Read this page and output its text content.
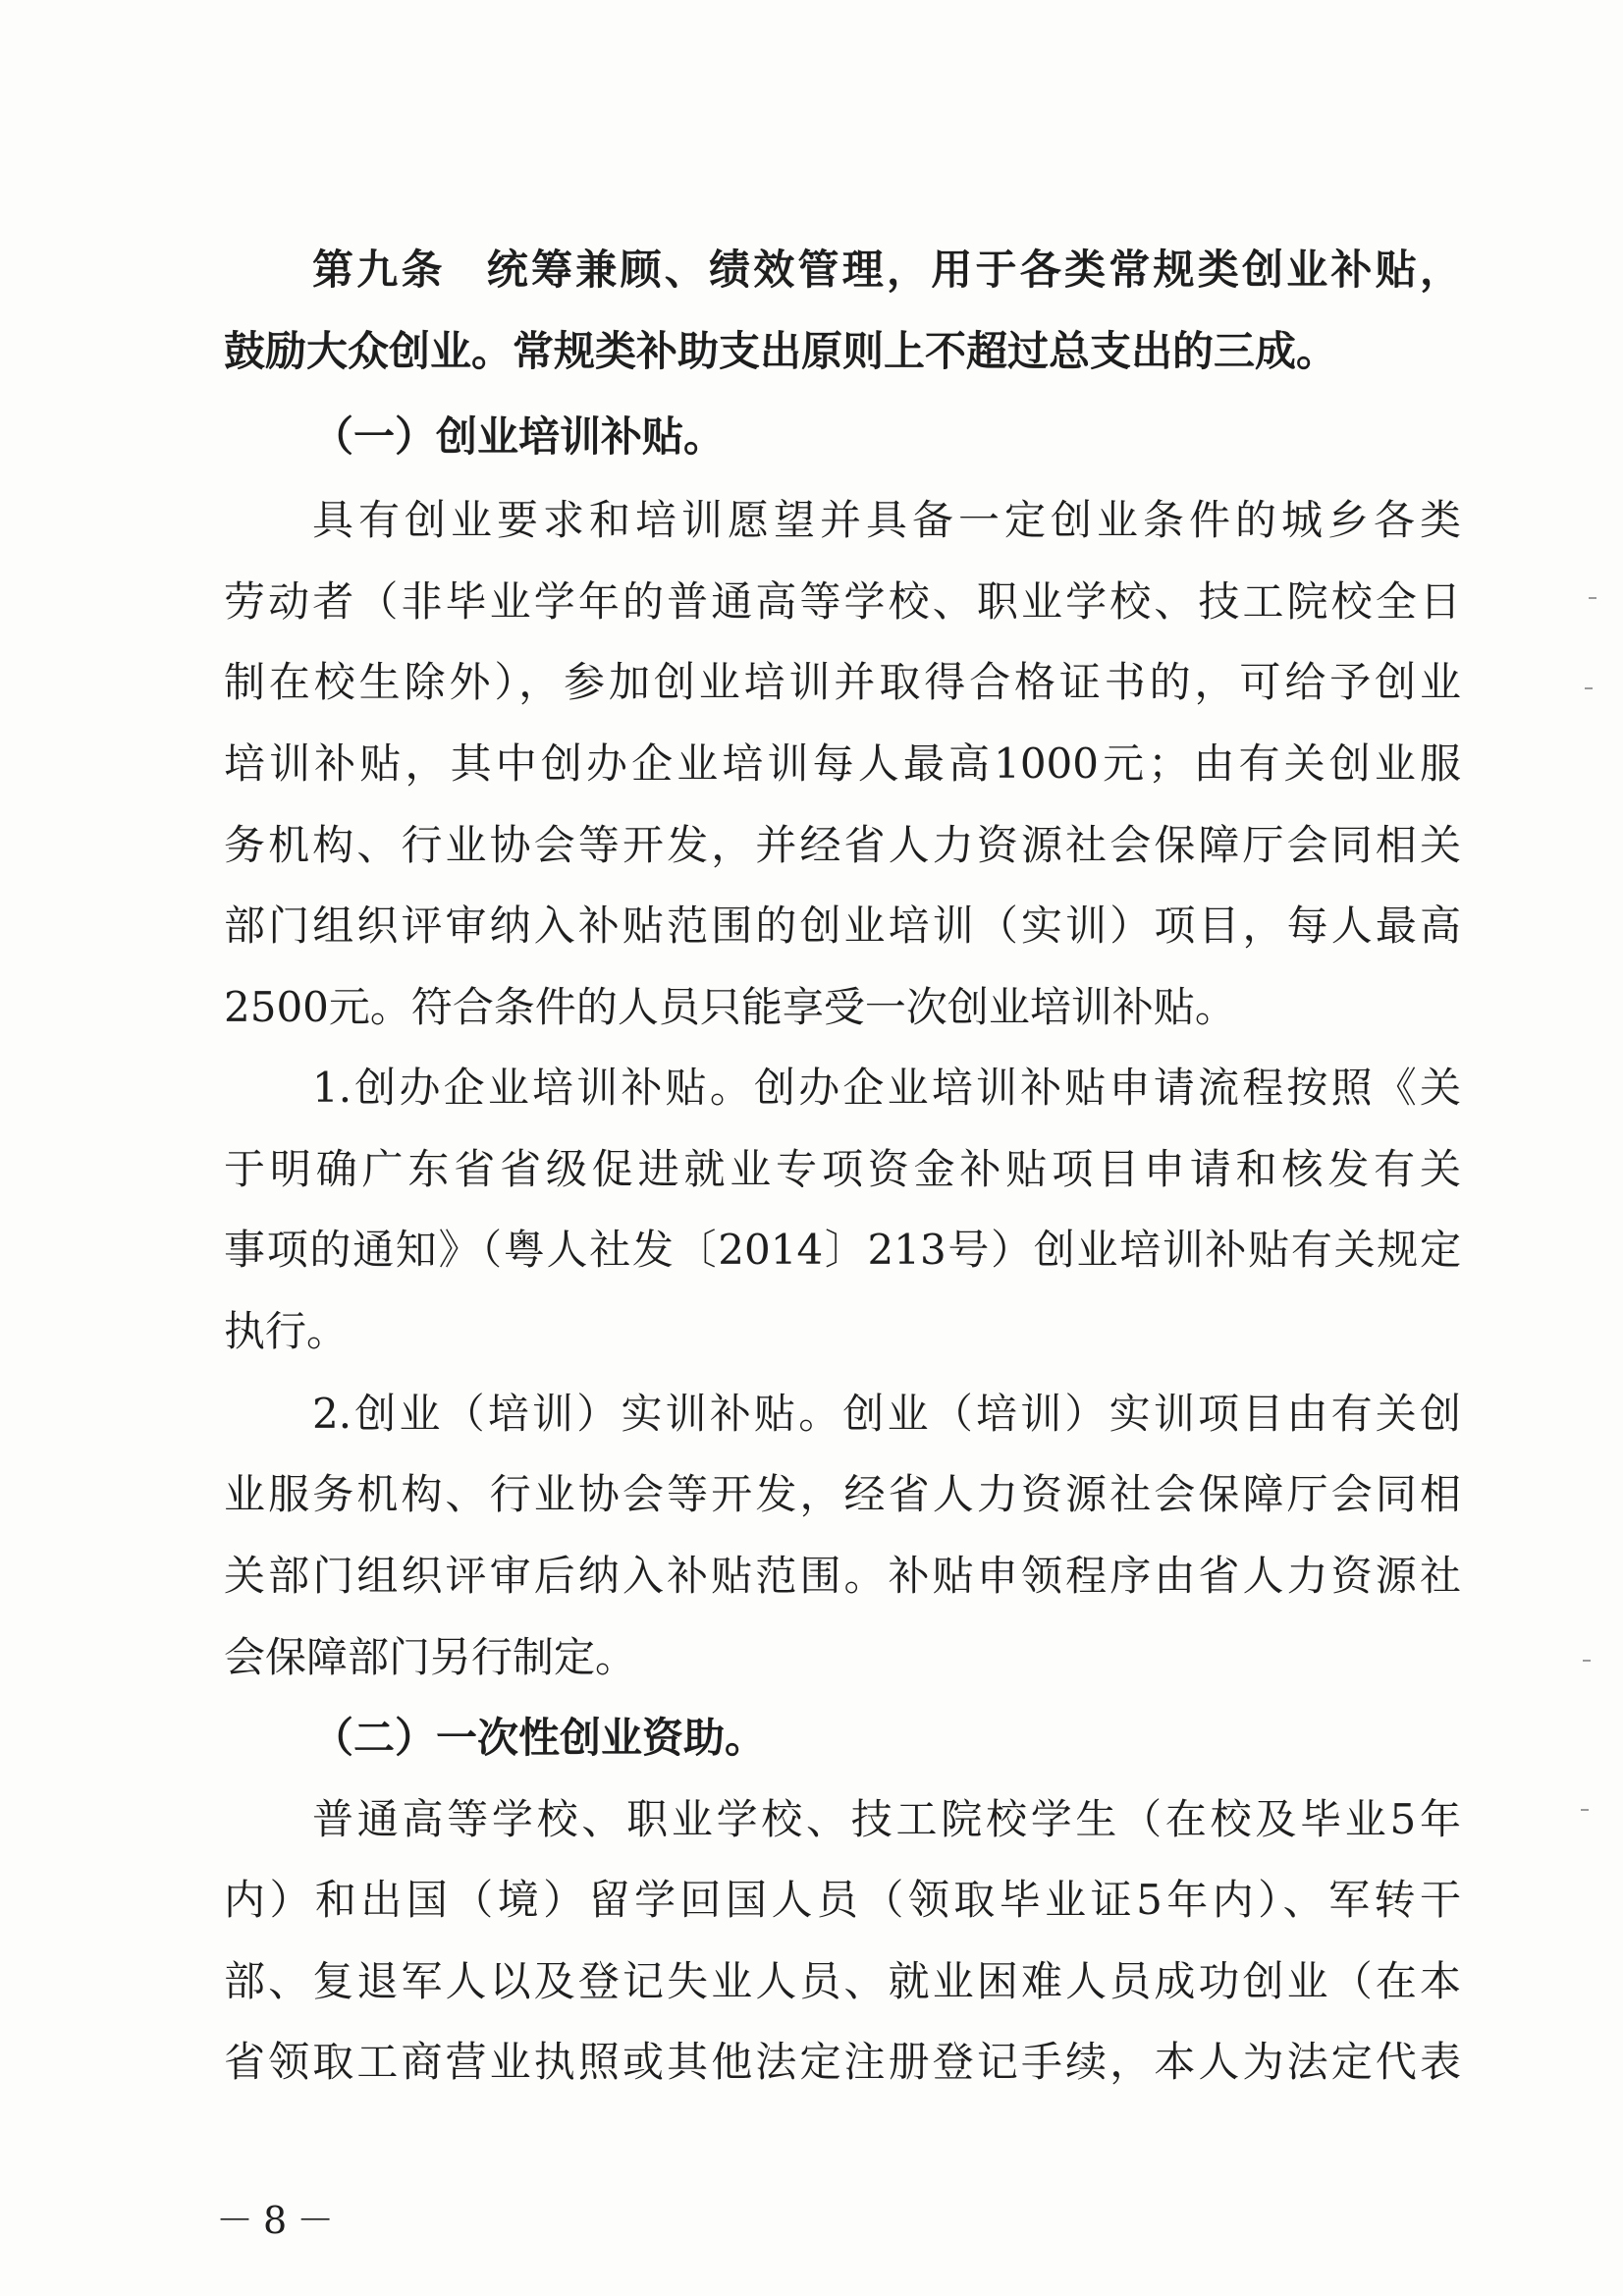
第九条 统筹兼顾、绩效管理，用于各类常规类创业补贴，
鼓励大众创业。常规类补助支出原则上不超过总支出的三成。
（一）创业培训补贴。
具有创业要求和培训愿望并具备一定创业条件的城乡各类
劳动者（非毕业学年的普通高等学校、职业学校、技工院校全日
制在校生除外），参加创业培训并取得合格证书的，可给予创业
培训补贴，其中创办企业培训每人最高1000元；由有关创业服
务机构、行业协会等开发，并经省人力资源社会保障厅会同相关
部门组织评审纳入补贴范围的创业培训（实训）项目，每人最高
2500元。符合条件的人员只能享受一次创业培训补贴。
1.创办企业培训补贴。创办企业培训补贴申请流程按照《关
于明确广东省省级促进就业专项资金补贴项目申请和核发有关
事项的通知》（粤人社发〔2014〕213号）创业培训补贴有关规定
执行。
2.创业（培训）实训补贴。创业（培训）实训项目由有关创
业服务机构、行业协会等开发，经省人力资源社会保障厅会同相
关部门组织评审后纳入补贴范围。补贴申领程序由省人力资源社
会保障部门另行制定。
（二）一次性创业资助。
普通高等学校、职业学校、技工院校学生（在校及毕业5年
内）和出国（境）留学回国人员（领取毕业证5年内）、军转干
部、复退军人以及登记失业人员、就业困难人员成功创业（在本
省领取工商营业执照或其他法定注册登记手续，本人为法定代表
－8－
